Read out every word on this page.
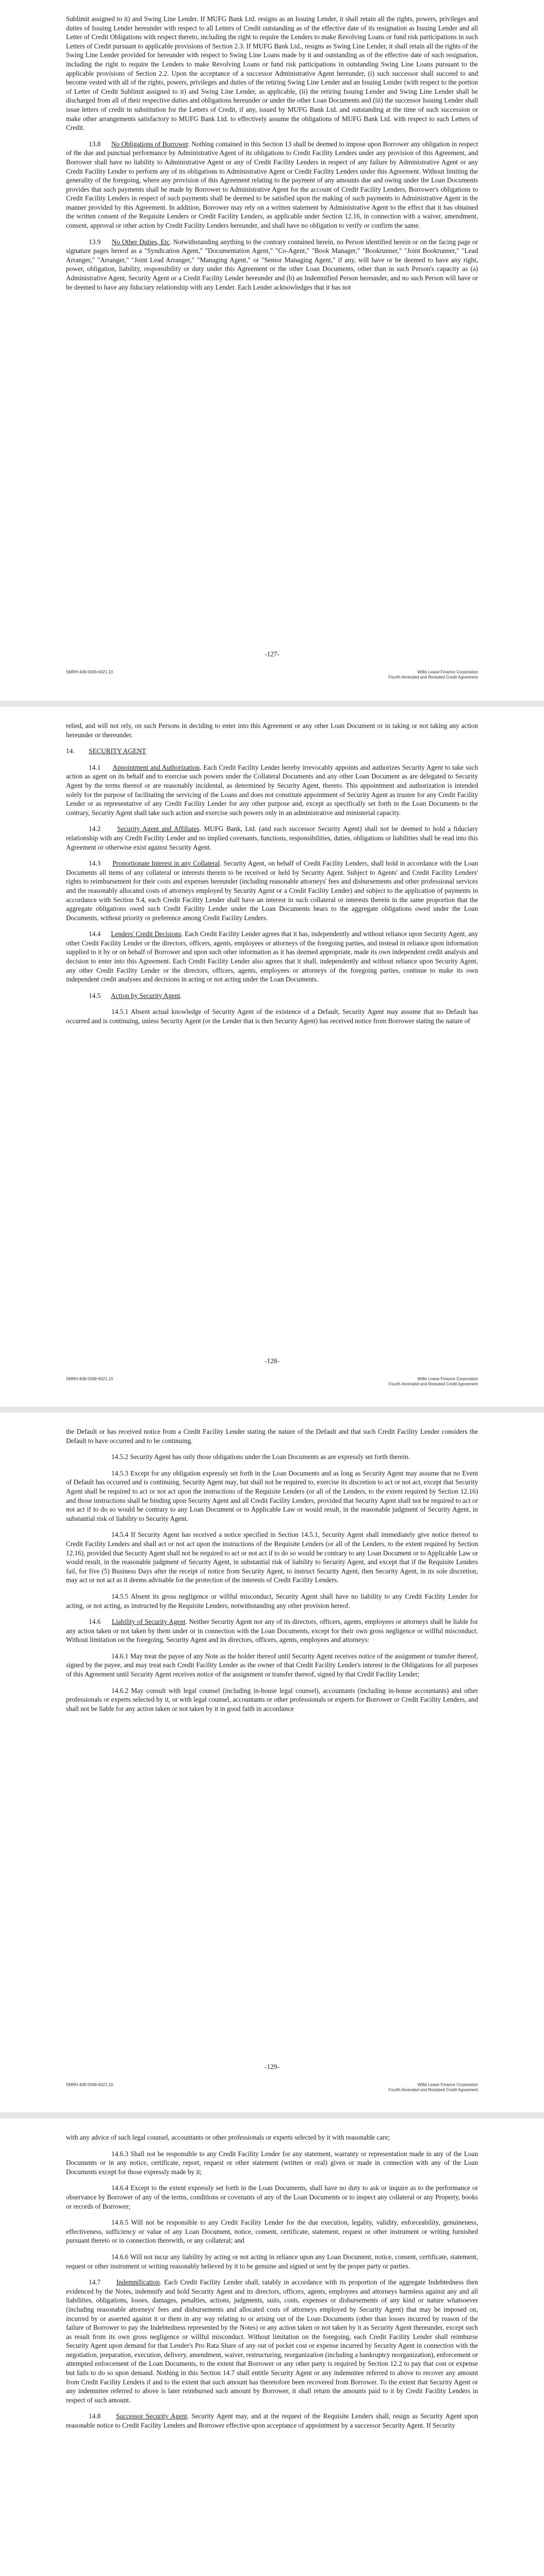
Sublimit assigned to it) and Swing Line Lender. If MUFG Bank Ltd. resigns as an Issuing Lender, it shall retain all the rights, powers, privileges and duties of Issuing Lender hereunder with respect to all Letters of Credit outstanding as of the effective date of its resignation as Issuing Lender and all Letter of Credit Obligations with respect thereto, including the right to require the Lenders to make Revolving Loans or fund risk participations in such Letters of Credit pursuant to applicable provisions of Section 2.3. If MUFG Bank Ltd., resigns as Swing Line Lender, it shall retain all the rights of the Swing Line Lender provided for hereunder with respect to Swing Line Loans made by it and outstanding as of the effective date of such resignation, including the right to require the Lenders to make Revolving Loans or fund risk participations in outstanding Swing Line Loans pursuant to the applicable provisions of Section 2.2. Upon the acceptance of a successor Administrative Agent hereunder, (i) such successor shall succeed to and become vested with all of the rights, powers, privileges and duties of the retiring Swing Line Lender and an Issuing Lender (with respect to the portion of Letter of Credit Sublimit assigned to it) and Swing Line Lender, as applicable, (ii) the retiring Issuing Lender and Swing Line Lender shall be discharged from all of their respective duties and obligations hereunder or under the other Loan Documents and (iii) the successor Issuing Lender shall issue letters of credit in substitution for the Letters of Credit, if any, issued by MUFG Bank Ltd. and outstanding at the time of such succession or make other arrangements satisfactory to MUFG Bank Ltd. to effectively assume the obligations of MUFG Bank Ltd. with respect to such Letters of Credit.

13.8 No Obligations of Borrower. Nothing contained in this Section 13 shall be deemed to impose upon Borrower any obligation in respect of the due and punctual performance by Administrative Agent of its obligations to Credit Facility Lenders under any provision of this Agreement, and Borrower shall have no liability to Administrative Agent or any of Credit Facility Lenders in respect of any failure by Administrative Agent or any Credit Facility Lender to perform any of its obligations to Administrative Agent or Credit Facility Lenders under this Agreement. Without limiting the generality of the foregoing, where any provision of this Agreement relating to the payment of any amounts due and owing under the Loan Documents provides that such payments shall be made by Borrower to Administrative Agent for the account of Credit Facility Lenders, Borrower's obligations to Credit Facility Lenders in respect of such payments shall be deemed to be satisfied upon the making of such payments to Administrative Agent in the manner provided by this Agreement. In addition, Borrower may rely on a written statement by Administrative Agent to the effect that it has obtained the written consent of the Requisite Lenders or Credit Facility Lenders, as applicable under Section 12.16, in connection with a waiver, amendment, consent, approval or other action by Credit Facility Lenders hereunder, and shall have no obligation to verify or confirm the same.

13.9 No Other Duties, Etc. Notwithstanding anything to the contrary contained herein, no Person identified herein or on the facing page or signature pages hereof as a "Syndication Agent," "Documentation Agent," "Co-Agent," "Book Manager," "Bookrunner," "Joint Bookrunner," "Lead Arranger," "Arranger," "Joint Lead Arranger," "Managing Agent," or "Senior Managing Agent," if any, will have or be deemed to have any right, power, obligation, liability, responsibility or duty under this Agreement or the other Loan Documents, other than in such Person's capacity as (a) Administrative Agent, Security Agent or a Credit Facility Lender hereunder and (b) an Indemnified Person hereunder, and no such Person will have or be deemed to have any fiduciary relationship with any Lender. Each Lender acknowledges that it has not

-127-
SMRH:408-5569-6021.10	Willis Lease Finance Corporation
Fourth Amended and Restated Credit Agreement

relied, and will not rely, on such Persons in deciding to enter into this Agreement or any other Loan Document or in taking or not taking any action hereunder or thereunder.

14. SECURITY AGENT

14.1 Appointment and Authorization. Each Credit Facility Lender hereby irrevocably appoints and authorizes Security Agent to take such action as agent on its behalf and to exercise such powers under the Collateral Documents and any other Loan Document as are delegated to Security Agent by the terms thereof or are reasonably incidental, as determined by Security Agent, thereto. This appointment and authorization is intended solely for the purpose of facilitating the servicing of the Loans and does not constitute appointment of Security Agent as trustee for any Credit Facility Lender or as representative of any Credit Facility Lender for any other purpose and, except as specifically set forth in the Loan Documents to the contrary, Security Agent shall take such action and exercise such powers only in an administrative and ministerial capacity.

14.2 Security Agent and Affiliates. MUFG Bank, Ltd. (and each successor Security Agent) shall not be deemed to hold a fiduciary relationship with any Credit Facility Lender and no implied covenants, functions, responsibilities, duties, obligations or liabilities shall be read into this Agreement or otherwise exist against Security Agent.

14.3 Proportionate Interest in any Collateral. Security Agent, on behalf of Credit Facility Lenders, shall hold in accordance with the Loan Documents all items of any collateral or interests therein to be received or held by Security Agent. Subject to Agents' and Credit Facility Lenders' rights to reimbursement for their costs and expenses hereunder (including reasonable attorneys' fees and disbursements and other professional services and the reasonably allocated costs of attorneys employed by Security Agent or a Credit Facility Lender) and subject to the application of payments in accordance with Section 9.4, each Credit Facility Lender shall have an interest in such collateral or interests therein in the same proportion that the aggregate obligations owed such Credit Facility Lender under the Loan Documents bears to the aggregate obligations owed under the Loan Documents, without priority or preference among Credit Facility Lenders.

14.4 Lenders' Credit Decisions. Each Credit Facility Lender agrees that it has, independently and without reliance upon Security Agent, any other Credit Facility Lender or the directors, officers, agents, employees or attorneys of the foregoing parties, and instead in reliance upon information supplied to it by or on behalf of Borrower and upon such other information as it has deemed appropriate, made its own independent credit analysis and decision to enter into this Agreement. Each Credit Facility Lender also agrees that it shall, independently and without reliance upon Security Agent, any other Credit Facility Lender or the directors, officers, agents, employees or attorneys of the foregoing parties, continue to make its own independent credit analyses and decisions in acting or not acting under the Loan Documents.

14.5 Action by Security Agent.

14.5.1 Absent actual knowledge of Security Agent of the existence of a Default, Security Agent may assume that no Default has occurred and is continuing, unless Security Agent (or the Lender that is then Security Agent) has received notice from Borrower stating the nature of

-128-
SMRH:408-5569-6021.10	Willis Lease Finance Corporation
Fourth Amended and Restated Credit Agreement

the Default or has received notice from a Credit Facility Lender stating the nature of the Default and that such Credit Facility Lender considers the Default to have occurred and to be continuing.

14.5.2 Security Agent has only those obligations under the Loan Documents as are expressly set forth therein.

14.5.3 Except for any obligation expressly set forth in the Loan Documents and as long as Security Agent may assume that no Event of Default has occurred and is continuing, Security Agent may, but shall not be required to, exercise its discretion to act or not act, except that Security Agent shall be required to act or not act upon the instructions of the Requisite Lenders (or all of the Lenders, to the extent required by Section 12.16) and those instructions shall be binding upon Security Agent and all Credit Facility Lenders, provided that Security Agent shall not be required to act or not act if to do so would be contrary to any Loan Document or to Applicable Law or would result, in the reasonable judgment of Security Agent, in substantial risk of liability to Security Agent.

14.5.4 If Security Agent has received a notice specified in Section 14.5.1, Security Agent shall immediately give notice thereof to Credit Facility Lenders and shall act or not act upon the instructions of the Requisite Lenders (or all of the Lenders, to the extent required by Section 12.16), provided that Security Agent shall not be required to act or not act if to do so would be contrary to any Loan Document or to Applicable Law or would result, in the reasonable judgment of Security Agent, in substantial risk of liability to Security Agent, and except that if the Requisite Lenders fail, for five (5) Business Days after the receipt of notice from Security Agent, to instruct Security Agent, then Security Agent, in its sole discretion, may act or not act as it deems advisable for the protection of the interests of Credit Facility Lenders.

14.5.5 Absent its gross negligence or willful misconduct, Security Agent shall have no liability to any Credit Facility Lender for acting, or not acting, as instructed by the Requisite Lenders, notwithstanding any other provision hereof.

14.6 Liability of Security Agent. Neither Security Agent nor any of its directors, officers, agents, employees or attorneys shall be liable for any action taken or not taken by them under or in connection with the Loan Documents, except for their own gross negligence or willful misconduct. Without limitation on the foregoing, Security Agent and its directors, officers, agents, employees and attorneys:

14.6.1 May treat the payee of any Note as the holder thereof until Security Agent receives notice of the assignment or transfer thereof, signed by the payee, and may treat each Credit Facility Lender as the owner of that Credit Facility Lender's interest in the Obligations for all purposes of this Agreement until Security Agent receives notice of the assignment or transfer thereof, signed by that Credit Facility Lender;

14.6.2 May consult with legal counsel (including in-house legal counsel), accountants (including in-house accountants) and other professionals or experts selected by it, or with legal counsel, accountants or other professionals or experts for Borrower or Credit Facility Lenders, and shall not be liable for any action taken or not taken by it in good faith in accordance

-129-
SMRH:408-5569-6021.10	Willis Lease Finance Corporation
Fourth Amended and Restated Credit Agreement

with any advice of such legal counsel, accountants or other professionals or experts selected by it with reasonable care;

14.6.3 Shall not be responsible to any Credit Facility Lender for any statement, warranty or representation made in any of the Loan Documents or in any notice, certificate, report, request or other statement (written or oral) given or made in connection with any of the Loan Documents except for those expressly made by it;

14.6.4 Except to the extent expressly set forth in the Loan Documents, shall have no duty to ask or inquire as to the performance or observance by Borrower of any of the terms, conditions or covenants of any of the Loan Documents or to inspect any collateral or any Property, books or records of Borrower;

14.6.5 Will not be responsible to any Credit Facility Lender for the due execution, legality, validity, enforceability, genuineness, effectiveness, sufficiency or value of any Loan Document, notice, consent, certificate, statement, request or other instrument or writing furnished pursuant thereto or in connection therewith, or any collateral; and

14.6.6 Will not incur any liability by acting or not acting in reliance upon any Loan Document, notice, consent, certificate, statement, request or other instrument or writing reasonably believed by it to be genuine and signed or sent by the proper party or parties.

14.7 Indemnification. Each Credit Facility Lender shall, ratably in accordance with its proportion of the aggregate Indebtedness then evidenced by the Notes, indemnify and hold Security Agent and its directors, officers, agents, employees and attorneys harmless against any and all liabilities, obligations, losses, damages, penalties, actions, judgments, suits, costs, expenses or disbursements of any kind or nature whatsoever (including reasonable attorneys' fees and disbursements and allocated costs of attorneys employed by Security Agent) that may be imposed on, incurred by or asserted against it or them in any way relating to or arising out of the Loan Documents (other than losses incurred by reason of the failure of Borrower to pay the Indebtedness represented by the Notes) or any action taken or not taken by it as Security Agent thereunder, except such as result from its own gross negligence or willful misconduct. Without limitation on the foregoing, each Credit Facility Lender shall reimburse Security Agent upon demand for that Lender's Pro Rata Share of any out of pocket cost or expense incurred by Security Agent in connection with the negotiation, preparation, execution, delivery, amendment, waiver, restructuring, reorganization (including a bankruptcy reorganization), enforcement or attempted enforcement of the Loan Documents, to the extent that Borrower or any other party is required by Section 12.2 to pay that cost or expense but fails to do so upon demand. Nothing in this Section 14.7 shall entitle Security Agent or any indemnitee referred to above to recover any amount from Credit Facility Lenders if and to the extent that such amount has theretofore been recovered from Borrower. To the extent that Security Agent or any indemnitee referred to above is later reimbursed such amount by Borrower, it shall return the amounts paid to it by Credit Facility Lenders in respect of such amount.

14.8 Successor Security Agent. Security Agent may, and at the request of the Requisite Lenders shall, resign as Security Agent upon reasonable notice to Credit Facility Lenders and Borrower effective upon acceptance of appointment by a successor Security Agent. If Security
